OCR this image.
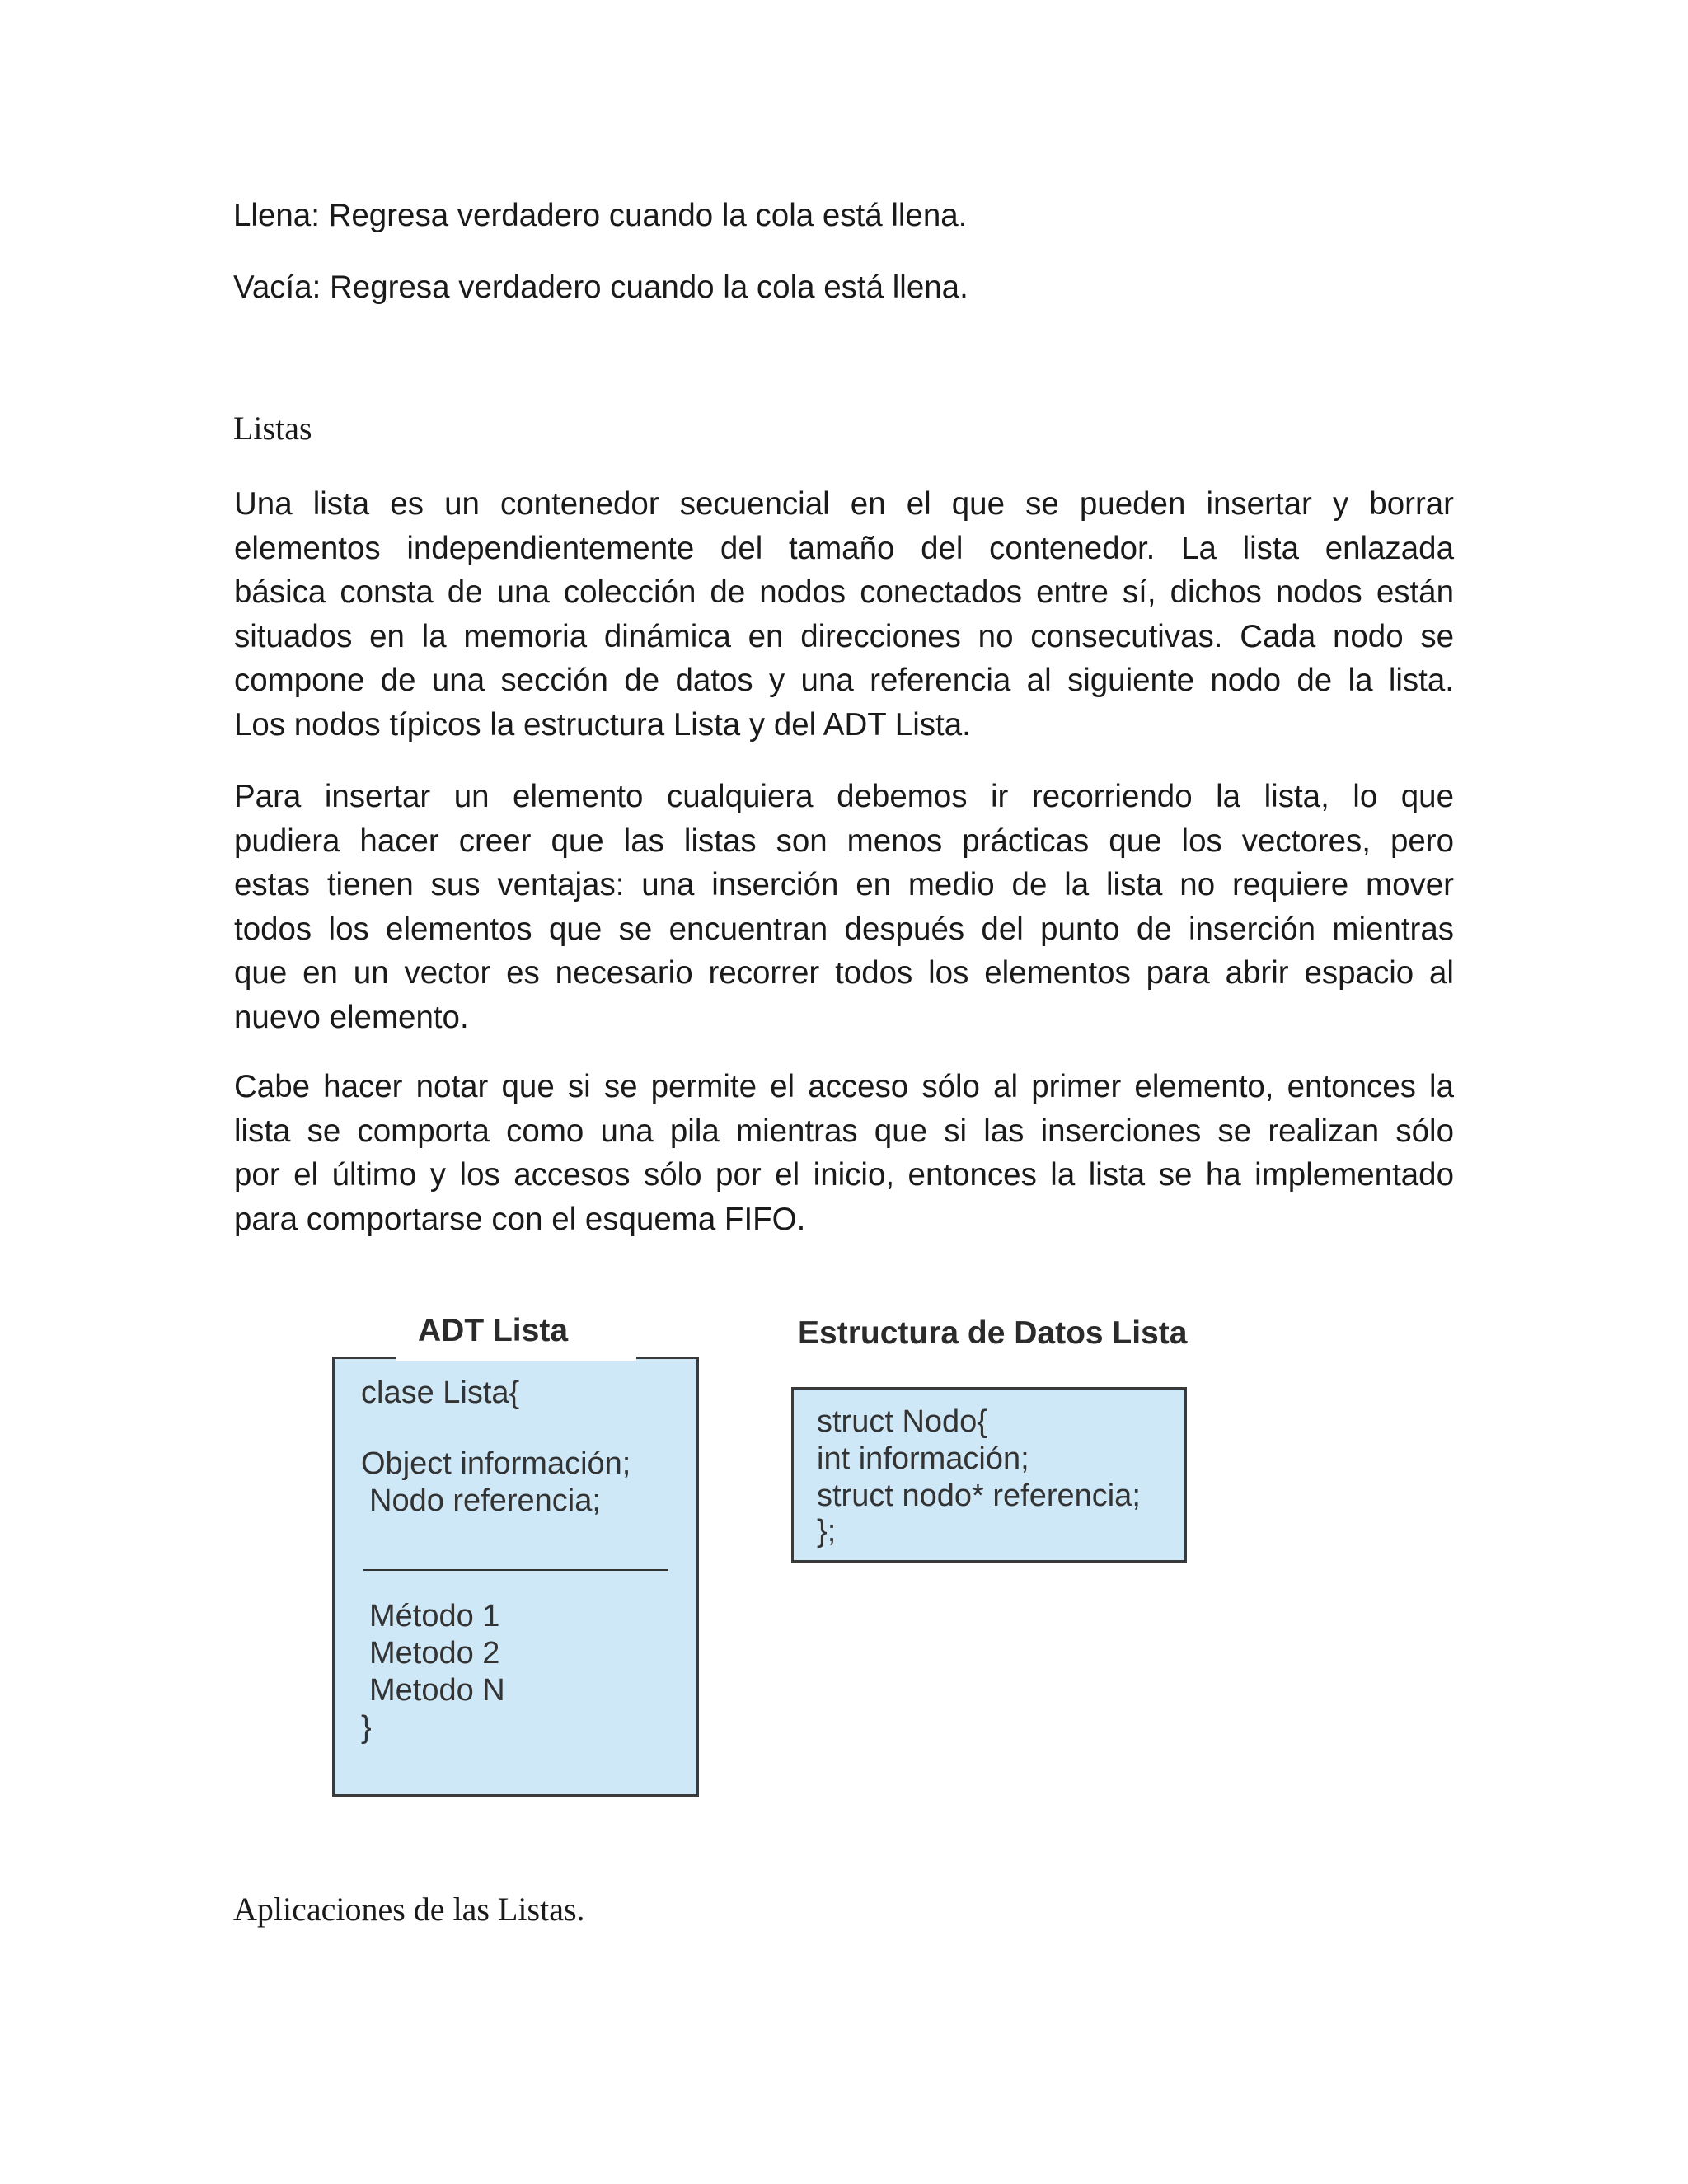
Llena: Regresa verdadero cuando la cola está llena.

Vacía: Regresa verdadero cuando la cola está llena.

Listas
Una lista es un contenedor secuencial en el que se pueden insertar y borrar
elementos independientemente del tamaño del contenedor. La lista enlazada
básica consta de una colección de nodos conectados entre sí, dichos nodos están
situados en la memoria dinámica en direcciones no consecutivas. Cada nodo se
compone de una sección de datos y una referencia al siguiente nodo de la lista.
Los nodos típicos la estructura Lista y del ADT Lista.
Para insertar un elemento cualquiera debemos ir recorriendo la lista, lo que
pudiera hacer creer que las listas son menos prácticas que los vectores, pero
estas tienen sus ventajas: una inserción en medio de la lista no requiere mover
todos los elementos que se encuentran después del punto de inserción mientras
que en un vector es necesario recorrer todos los elementos para abrir espacio al
nuevo elemento.
Cabe hacer notar que si se permite el acceso sólo al primer elemento, entonces la
lista se comporta como una pila mientras que si las inserciones se realizan sólo
por el último y los accesos sólo por el inicio, entonces la lista se ha implementado
para comportarse con el esquema FIFO.

clase Lista{

Object información;

Nodo referencia;

Método 1

Metodo 2

Metodo N

}

ADT Lista	Estructura de Datos Lista

struct Nodo{

int información;

struct nodo* referencia;

};

Aplicaciones de las Listas.
